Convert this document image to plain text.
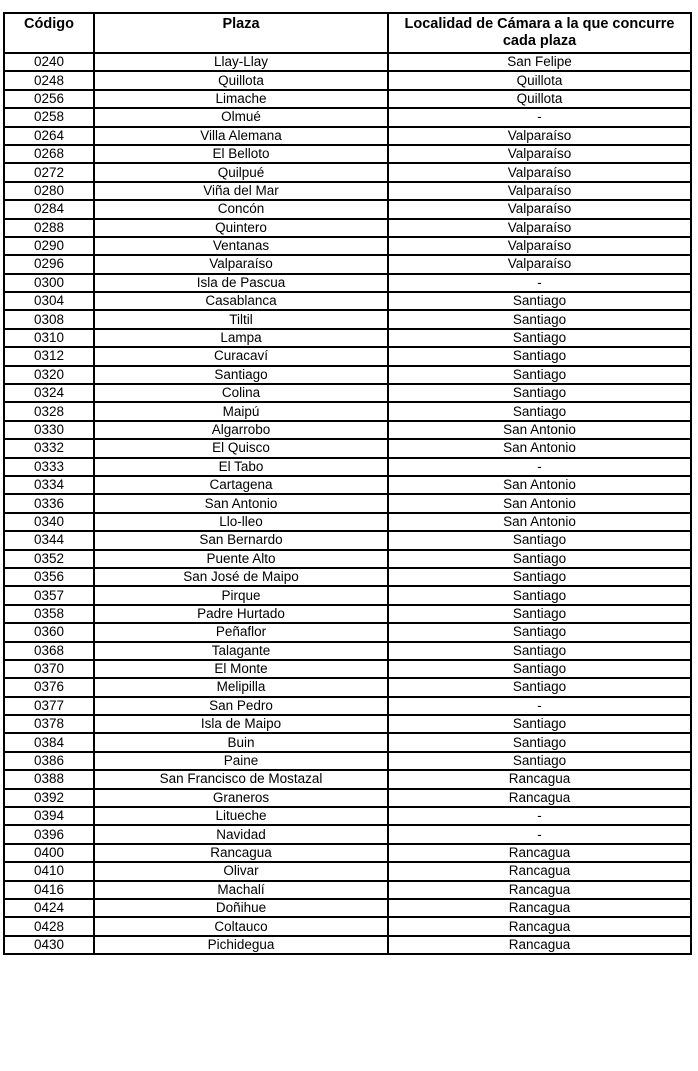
Código	Plaza	Localidad de Cámara a la que concurre cada plaza
0240	Llay-Llay	San Felipe
0248	Quillota	Quillota
0256	Limache	Quillota
0258	Olmué	-
0264	Villa Alemana	Valparaíso
0268	El Belloto	Valparaíso
0272	Quilpué	Valparaíso
0280	Viña del Mar	Valparaíso
0284	Concón	Valparaíso
0288	Quintero	Valparaíso
0290	Ventanas	Valparaíso
0296	Valparaíso	Valparaíso
0300	Isla de Pascua	-
0304	Casablanca	Santiago
0308	Tiltil	Santiago
0310	Lampa	Santiago
0312	Curacaví	Santiago
0320	Santiago	Santiago
0324	Colina	Santiago
0328	Maipú	Santiago
0330	Algarrobo	San Antonio
0332	El Quisco	San Antonio
0333	El Tabo	-
0334	Cartagena	San Antonio
0336	San Antonio	San Antonio
0340	Llo-lleo	San Antonio
0344	San Bernardo	Santiago
0352	Puente Alto	Santiago
0356	San José de Maipo	Santiago
0357	Pirque	Santiago
0358	Padre Hurtado	Santiago
0360	Peñaflor	Santiago
0368	Talagante	Santiago
0370	El Monte	Santiago
0376	Melipilla	Santiago
0377	San Pedro	-
0378	Isla de Maipo	Santiago
0384	Buin	Santiago
0386	Paine	Santiago
0388	San Francisco de Mostazal	Rancagua
0392	Graneros	Rancagua
0394	Litueche	-
0396	Navidad	-
0400	Rancagua	Rancagua
0410	Olivar	Rancagua
0416	Machalí	Rancagua
0424	Doñihue	Rancagua
0428	Coltauco	Rancagua
0430	Pichidegua	Rancagua
